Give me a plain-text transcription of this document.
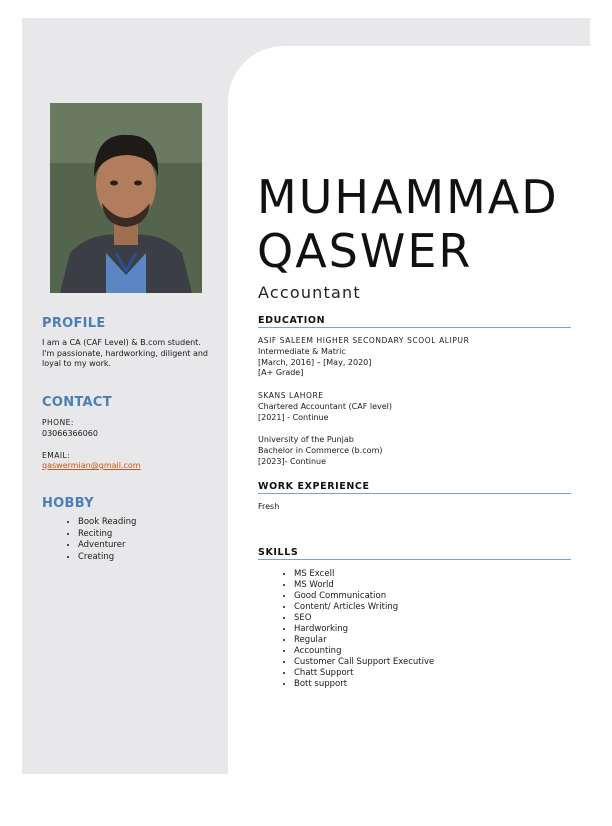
PROFILE

I am a CA (CAF Level) & B.com student. I'm passionate, hardworking, diligent and loyal to my work.

CONTACT

PHONE:

03066366060

EMAIL:

qaswermian@gmail.com

HOBBY
• Book Reading
• Reciting
• Adventurer
• Creating
MUHAMMAD
QASWER

Accountant

EDUCATION
ASIF SALEEM HIGHER SECONDARY SCOOL ALIPUR
Intermediate & Matric
[March, 2016] – [May, 2020]
[A+ Grade]
SKANS LAHORE
Chartered Accountant (CAF level)
[2021] - Continue
University of the Punjab
Bachelor in Commerce (b.com)
[2023]- Continue
WORK EXPERIENCE

Fresh

SKILLS
• MS Excell
• MS World
• Good Communication
• Content/ Articles Writing
• SEO
• Hardworking
• Regular
• Accounting
• Customer Call Support Executive
• Chatt Support
• Bott support
